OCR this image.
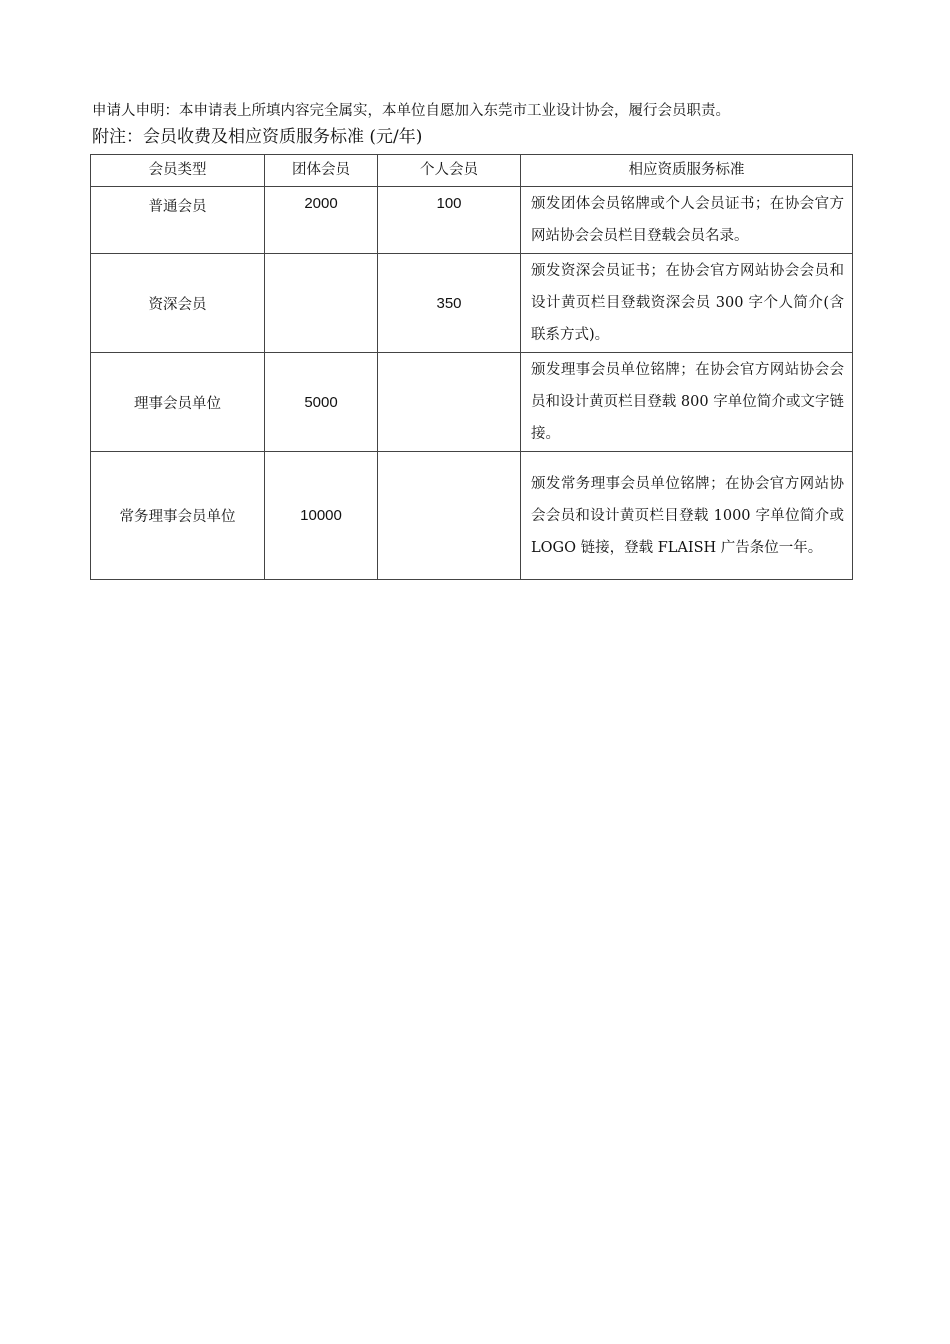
申请人申明：本申请表上所填内容完全属实，本单位自愿加入东莞市工业设计协会，履行会员职责。
附注：会员收费及相应资质服务标准 (元/年)
会员类型	团体会员	个人会员	相应资质服务标准
普通会员	2000	100	颁发团体会员铭牌或个人会员证书；在协会官方网站协会会员栏目登载会员名录。
资深会员		350	颁发资深会员证书；在协会官方网站协会会员和设计黄页栏目登载资深会员 300 字个人简介(含联系方式)。
理事会员单位	5000		颁发理事会员单位铭牌；在协会官方网站协会会员和设计黄页栏目登载 800 字单位简介或文字链接。
常务理事会员单位	10000		颁发常务理事会员单位铭牌；在协会官方网站协会会员和设计黄页栏目登载 1000 字单位简介或 LOGO 链接，登载 FLAISH 广告条位一年。
